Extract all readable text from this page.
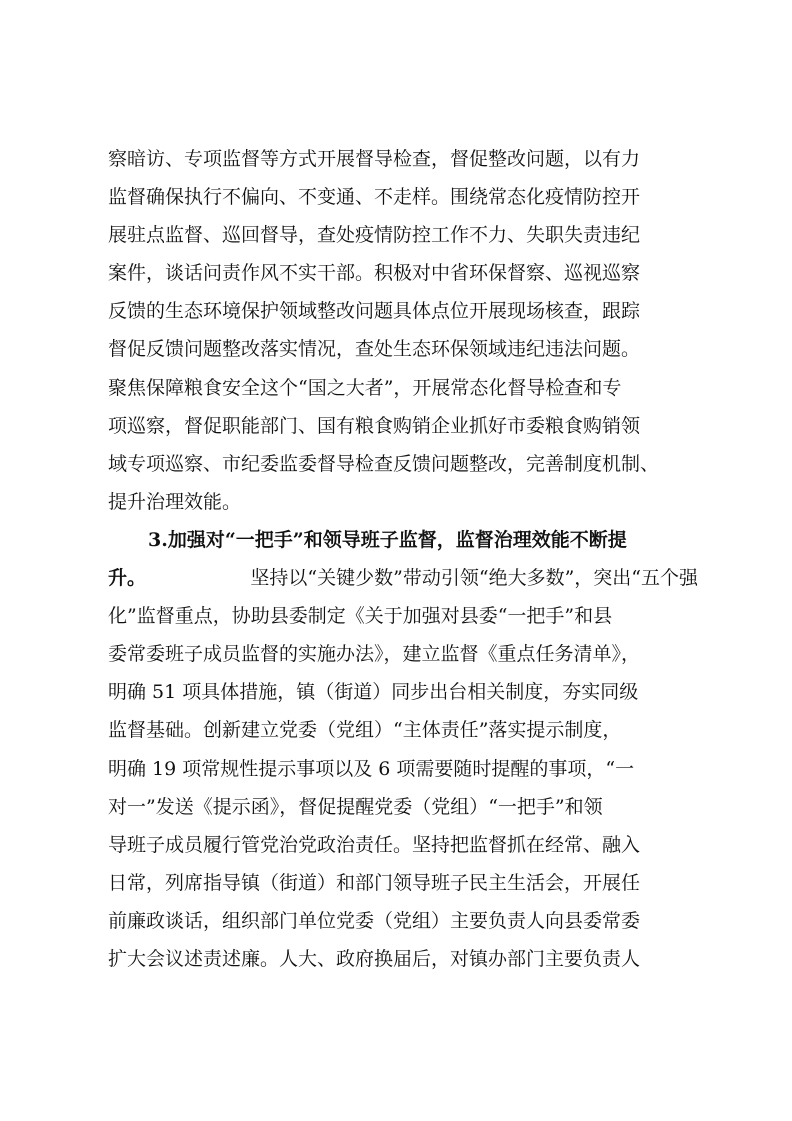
察暗访、专项监督等方式开展督导检查，督促整改问题，以有力
监督确保执行不偏向、不变通、不走样。围绕常态化疫情防控开
展驻点监督、巡回督导，查处疫情防控工作不力、失职失责违纪
案件，谈话问责作风不实干部。积极对中省环保督察、巡视巡察
反馈的生态环境保护领域整改问题具体点位开展现场核查，跟踪
督促反馈问题整改落实情况，查处生态环保领域违纪违法问题。
聚焦保障粮食安全这个“国之大者”，开展常态化督导检查和专
项巡察，督促职能部门、国有粮食购销企业抓好市委粮食购销领
域专项巡察、市纪委监委督导检查反馈问题整改，完善制度机制、
提升治理效能。
3.加强对“一把手”和领导班子监督，监督治理效能不断提
升。	坚持以“关键少数”带动引领“绝大多数”，突出“五个强
化”监督重点，协助县委制定《关于加强对县委“一把手”和县
委常委班子成员监督的实施办法》，建立监督《重点任务清单》，
明确 51 项具体措施，镇（街道）同步出台相关制度，夯实同级
监督基础。创新建立党委（党组）“主体责任”落实提示制度，
明确 19 项常规性提示事项以及 6 项需要随时提醒的事项，“一
对一”发送《提示函》，督促提醒党委（党组）“一把手”和领
导班子成员履行管党治党政治责任。坚持把监督抓在经常、融入
日常，列席指导镇（街道）和部门领导班子民主生活会，开展任
前廉政谈话，组织部门单位党委（党组）主要负责人向县委常委
扩大会议述责述廉。人大、政府换届后，对镇办部门主要负责人
